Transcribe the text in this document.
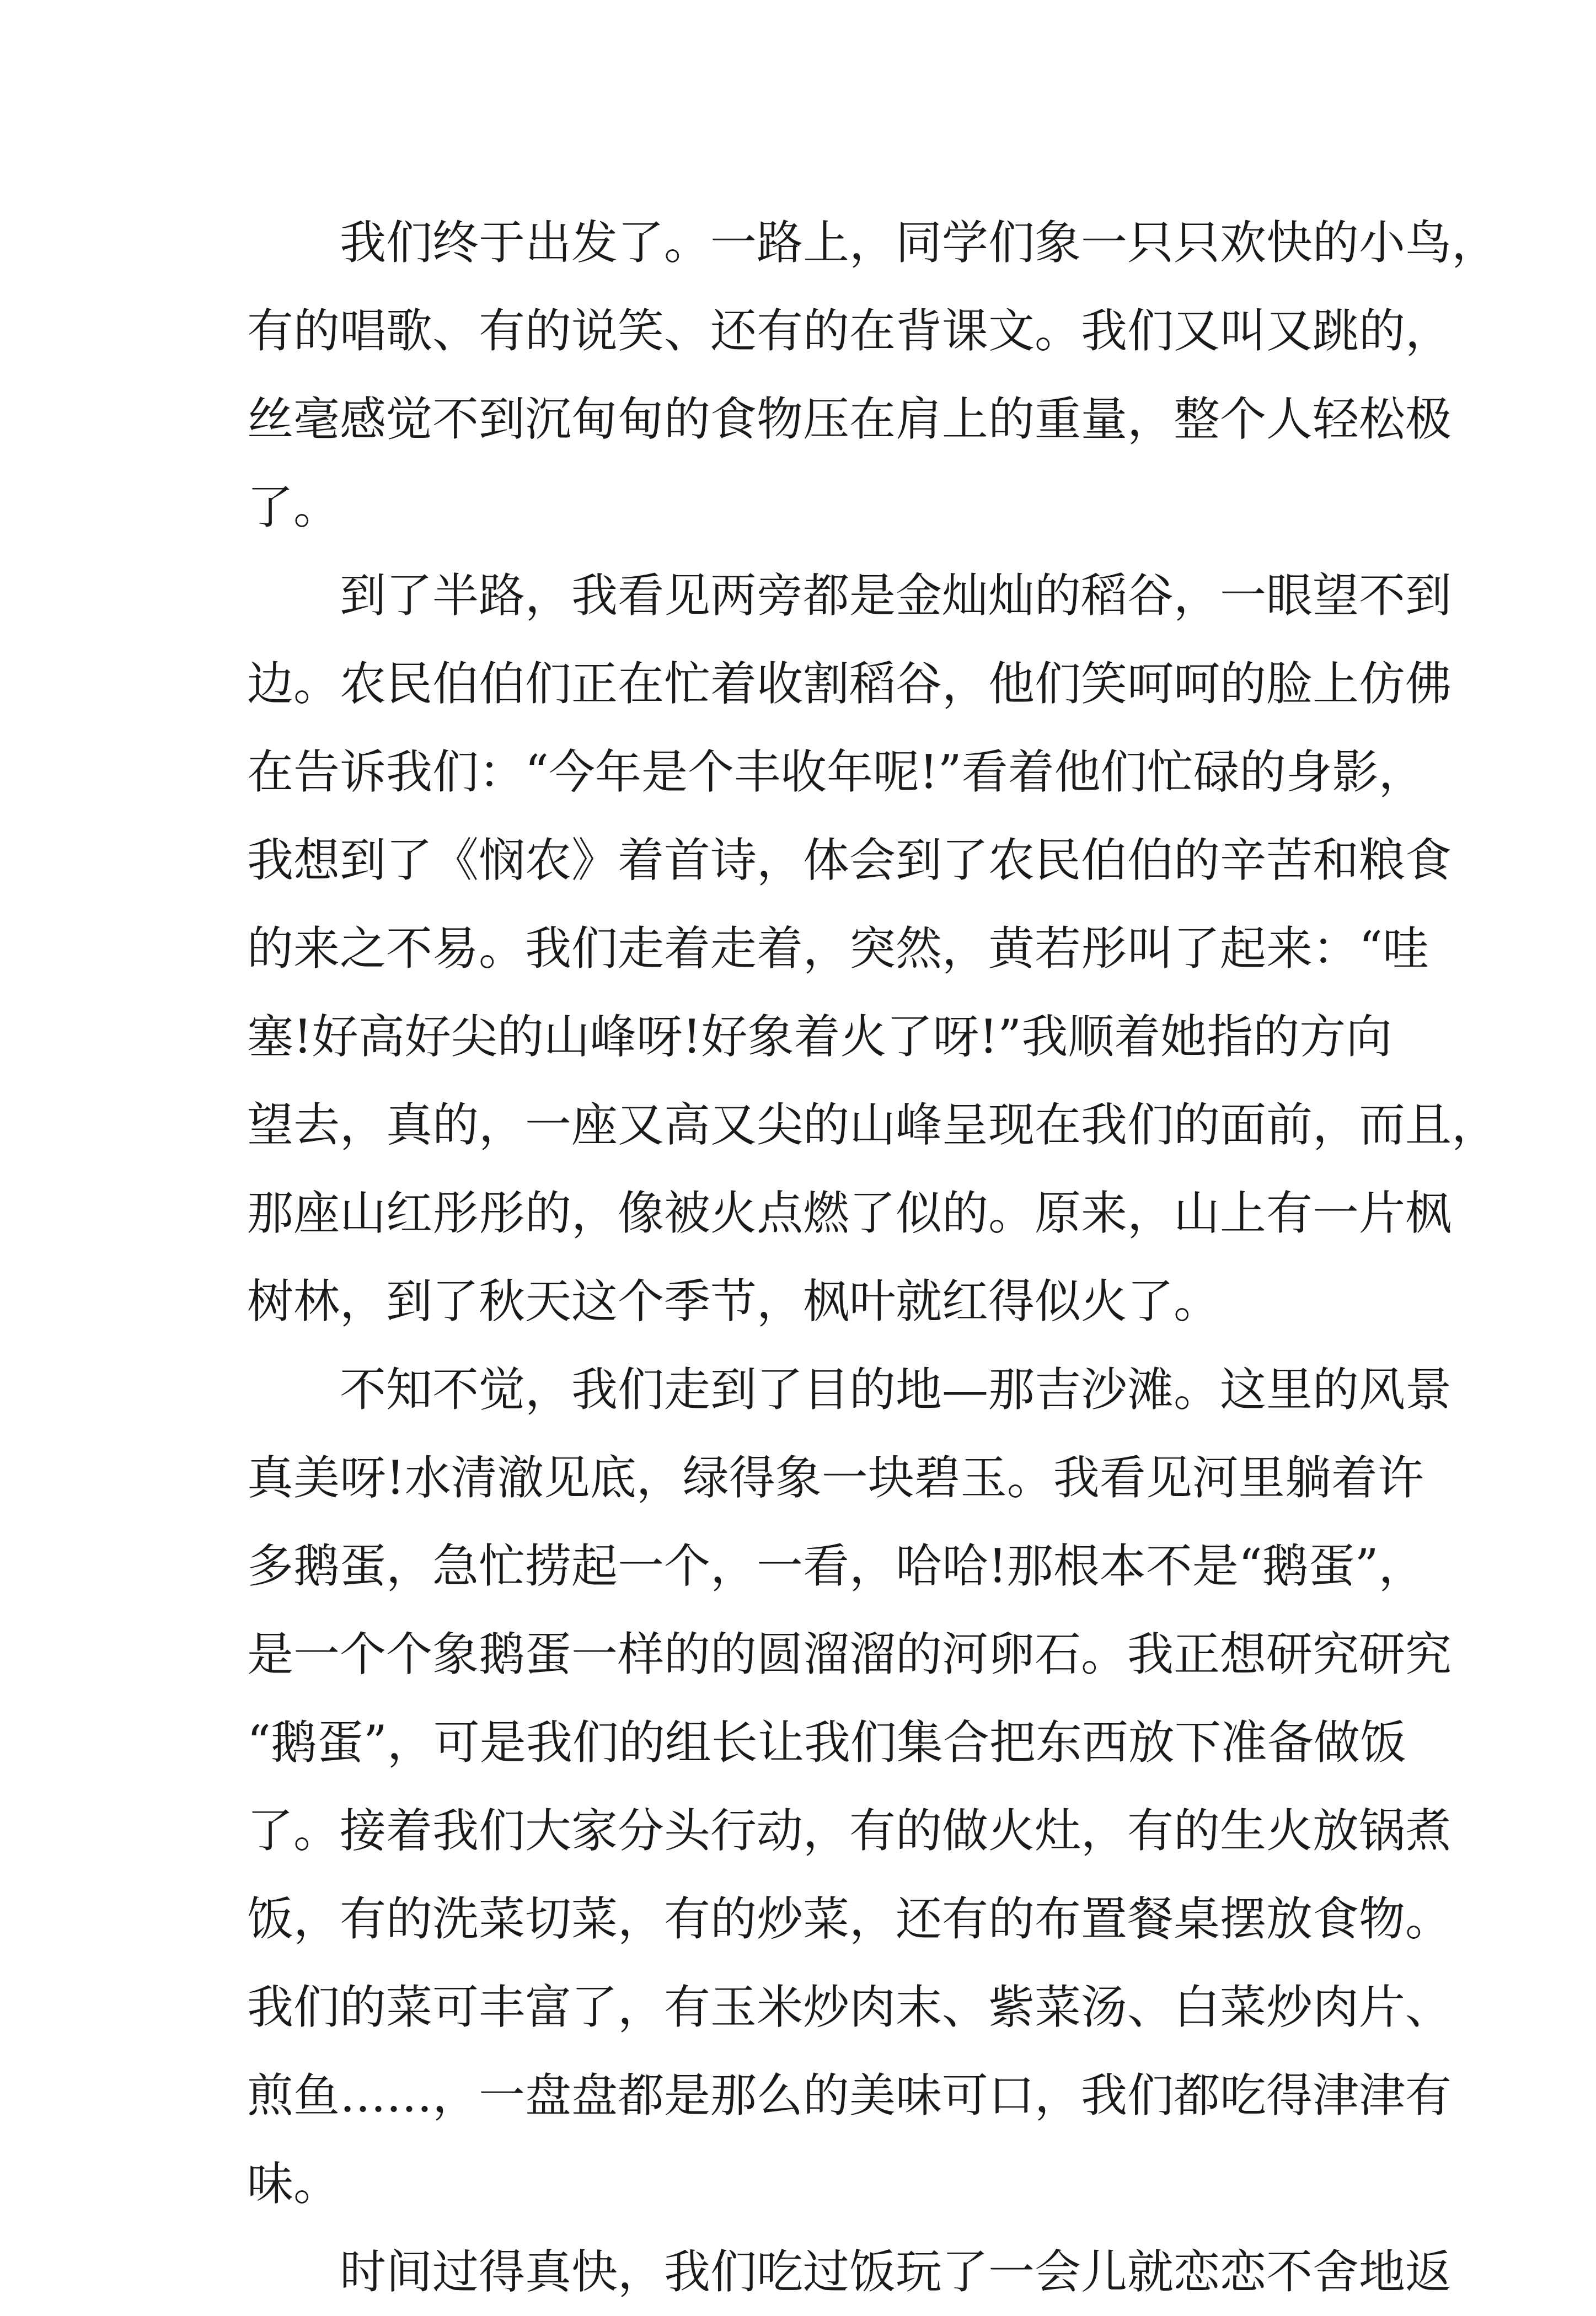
我们终于出发了。一路上，同学们象一只只欢快的小鸟，
有的唱歌、有的说笑、还有的在背课文。我们又叫又跳的，
丝毫感觉不到沉甸甸的食物压在肩上的重量，整个人轻松极
了。
到了半路，我看见两旁都是金灿灿的稻谷，一眼望不到
边。农民伯伯们正在忙着收割稻谷，他们笑呵呵的脸上仿佛
在告诉我们：“今年是个丰收年呢!”看着他们忙碌的身影，
我想到了《悯农》着首诗，体会到了农民伯伯的辛苦和粮食
的来之不易。我们走着走着，突然，黄若彤叫了起来：“哇
塞!好高好尖的山峰呀!好象着火了呀!”我顺着她指的方向
望去，真的，一座又高又尖的山峰呈现在我们的面前，而且，
那座山红彤彤的，像被火点燃了似的。原来，山上有一片枫
树林，到了秋天这个季节，枫叶就红得似火了。
不知不觉，我们走到了目的地—那吉沙滩。这里的风景
真美呀!水清澈见底，绿得象一块碧玉。我看见河里躺着许
多鹅蛋，急忙捞起一个，一看，哈哈!那根本不是“鹅蛋”，
是一个个象鹅蛋一样的的圆溜溜的河卵石。我正想研究研究
“鹅蛋”，可是我们的组长让我们集合把东西放下准备做饭
了。接着我们大家分头行动，有的做火灶，有的生火放锅煮
饭，有的洗菜切菜，有的炒菜，还有的布置餐桌摆放食物。
我们的菜可丰富了，有玉米炒肉末、紫菜汤、白菜炒肉片、
煎鱼……，一盘盘都是那么的美味可口，我们都吃得津津有
味。
时间过得真快，我们吃过饭玩了一会儿就恋恋不舍地返
